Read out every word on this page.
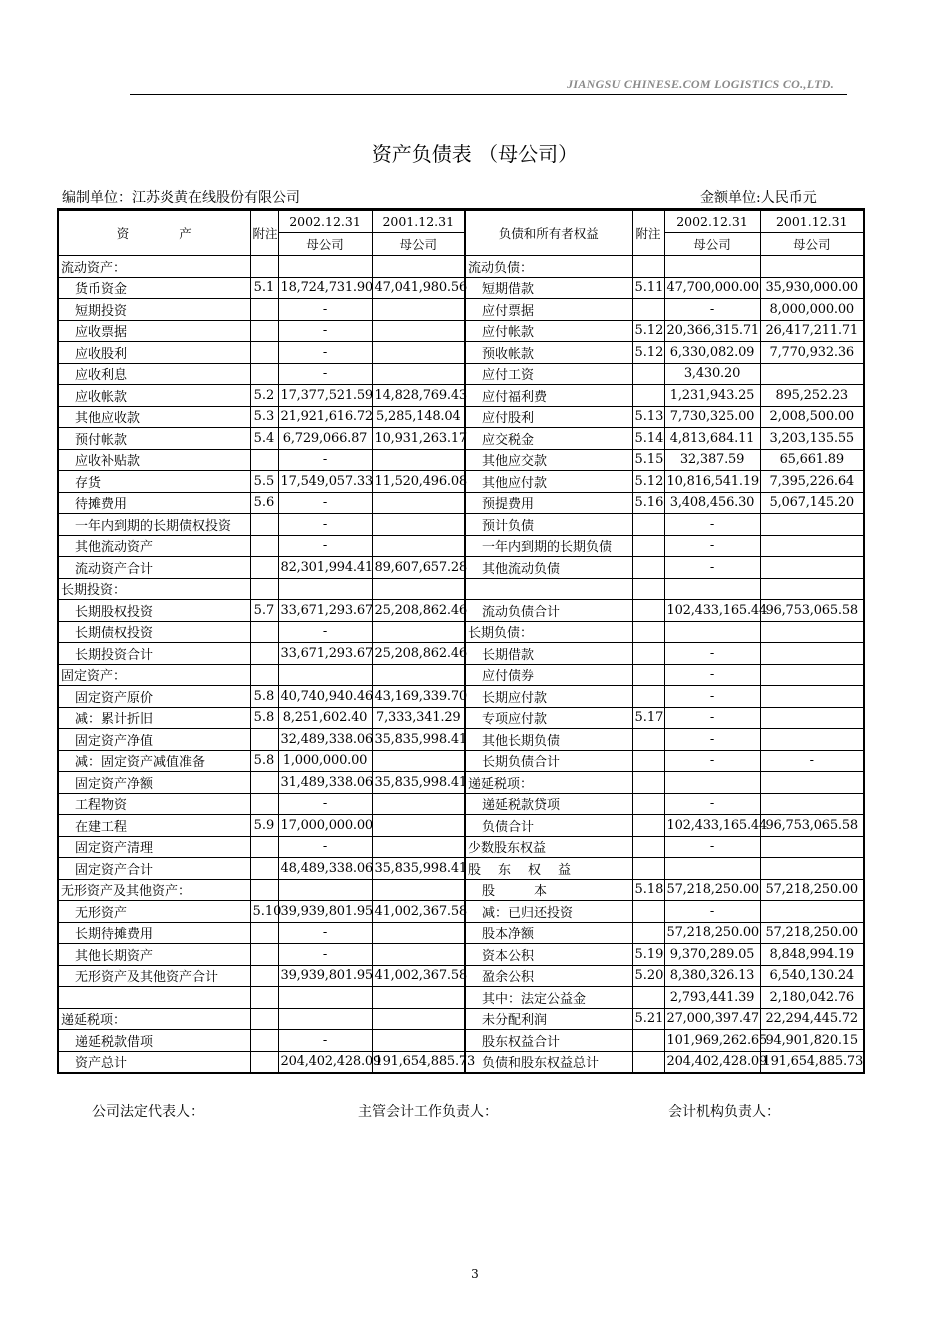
JIANGSU CHINESE.COM LOGISTICS CO.,LTD.
资产负债表 （母公司）
编制单位：江苏炎黄在线股份有限公司	金额单位:人民币元
资　　　　产	附注	2002.12.31	2001.12.31	负债和所有者权益	附注	2002.12.31	2001.12.31
		母公司	母公司			母公司	母公司
流动资产：				流动负债：			
货币资金	5.1	18,724,731.90	47,041,980.56	短期借款	5.11	47,700,000.00	35,930,000.00
短期投资		-		应付票据		-	8,000,000.00
应收票据		-		应付帐款	5.12	20,366,315.71	26,417,211.71
应收股利		-		预收帐款	5.12	6,330,082.09	7,770,932.36
应收利息		-		应付工资		3,430.20	
应收帐款	5.2	17,377,521.59	14,828,769.43	应付福利费		1,231,943.25	895,252.23
其他应收款	5.3	21,921,616.72	5,285,148.04	应付股利	5.13	7,730,325.00	2,008,500.00
预付帐款	5.4	6,729,066.87	10,931,263.17	应交税金	5.14	4,813,684.11	3,203,135.55
应收补贴款		-		其他应交款	5.15	32,387.59	65,661.89
存货	5.5	17,549,057.33	11,520,496.08	其他应付款	5.12	10,816,541.19	7,395,226.64
待摊费用	5.6	-		预提费用	5.16	3,408,456.30	5,067,145.20
一年内到期的长期债权投资		-		预计负债		-	
其他流动资产		-		一年内到期的长期负债		-	
流动资产合计		82,301,994.41	89,607,657.28	其他流动负债		-	
长期投资：							
长期股权投资	5.7	33,671,293.67	25,208,862.46	流动负债合计		102,433,165.44	96,753,065.58
长期债权投资		-		长期负债：			
长期投资合计		33,671,293.67	25,208,862.46	长期借款		-	
固定资产：				应付债券		-	
固定资产原价	5.8	40,740,940.46	43,169,339.70	长期应付款		-	
减：累计折旧	5.8	8,251,602.40	7,333,341.29	专项应付款	5.17	-	
固定资产净值		32,489,338.06	35,835,998.41	其他长期负债		-	
减：固定资产减值准备	5.8	1,000,000.00		长期负债合计		-	-
固定资产净额		31,489,338.06	35,835,998.41	递延税项：			
工程物资		-		递延税款贷项		-	
在建工程	5.9	17,000,000.00		负债合计		102,433,165.44	96,753,065.58
固定资产清理		-		少数股东权益		-	
固定资产合计		48,489,338.06	35,835,998.41	股　东　权　益			
无形资产及其他资产：				股　　　本	5.18	57,218,250.00	57,218,250.00
无形资产	5.10	39,939,801.95	41,002,367.58	减：已归还投资		-	
长期待摊费用		-		股本净额		57,218,250.00	57,218,250.00
其他长期资产		-		资本公积	5.19	9,370,289.05	8,848,994.19
无形资产及其他资产合计		39,939,801.95	41,002,367.58	盈余公积	5.20	8,380,326.13	6,540,130.24
				其中：法定公益金		2,793,441.39	2,180,042.76
递延税项：				未分配利润	5.21	27,000,397.47	22,294,445.72
递延税款借项		-		股东权益合计		101,969,262.65	94,901,820.15
资产总计		204,402,428.09	191,654,885.73	负债和股东权益总计		204,402,428.09	191,654,885.73
公司法定代表人：	主管会计工作负责人：	会计机构负责人：
3
